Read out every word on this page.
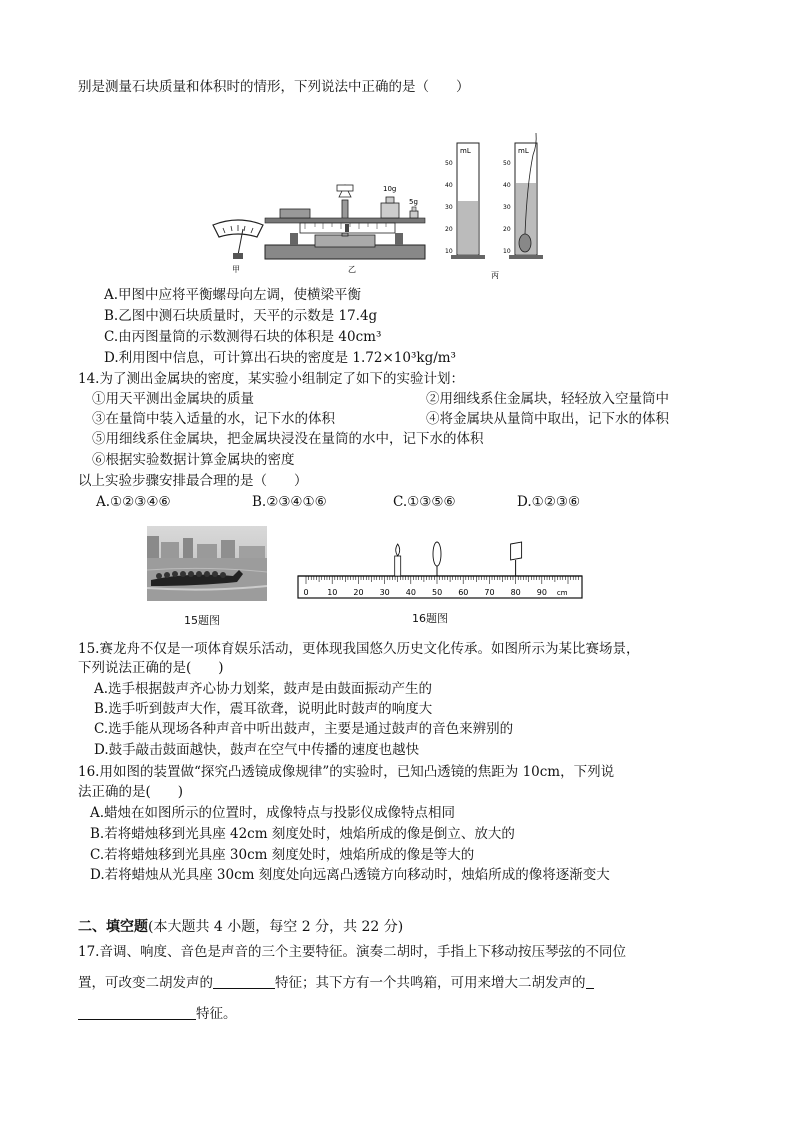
别是测量石块质量和体积时的情形，下列说法中正确的是（　　）
甲
10g
5g
乙
mL	mL
50
40
30
20
10
50
40
30
20
10
丙
A.甲图中应将平衡螺母向左调，使横梁平衡
B.乙图中测石块质量时，天平的示数是 17.4g
C.由丙图量筒的示数测得石块的体积是 40cm³
D.利用图中信息，可计算出石块的密度是 1.72×10³kg/m³
14.为了测出金属块的密度，某实验小组制定了如下的实验计划：
①用天平测出金属块的质量	②用细线系住金属块，轻轻放入空量筒中
③在量筒中装入适量的水，记下水的体积	④将金属块从量筒中取出，记下水的体积
⑤用细线系住金属块，把金属块浸没在量筒的水中，记下水的体积
⑥根据实验数据计算金属块的密度
以上实验步骤安排最合理的是（　　）
A.①②③④⑥	B.②③④①⑥	C.①③⑤⑥	D.①②③⑥
15题图
0 10 20 30 40 50 60 70 80 90 cm
16题图
15.赛龙舟不仅是一项体育娱乐活动，更体现我国悠久历史文化传承。如图所示为某比赛场景，
下列说法正确的是(　　)
A.选手根据鼓声齐心协力划桨，鼓声是由鼓面振动产生的
B.选手听到鼓声大作，震耳欲聋，说明此时鼓声的响度大
C.选手能从现场各种声音中听出鼓声，主要是通过鼓声的音色来辨别的
D.鼓手敲击鼓面越快，鼓声在空气中传播的速度也越快
16.用如图的装置做“探究凸透镜成像规律”的实验时，已知凸透镜的焦距为 10cm，下列说
法正确的是(　　)
A.蜡烛在如图所示的位置时，成像特点与投影仪成像特点相同
B.若将蜡烛移到光具座 42cm 刻度处时，烛焰所成的像是倒立、放大的
C.若将蜡烛移到光具座 30cm 刻度处时，烛焰所成的像是等大的
D.若将蜡烛从光具座 30cm 刻度处向远离凸透镜方向移动时，烛焰所成的像将逐渐变大
二、填空题(本大题共 4 小题，每空 2 分，共 22 分)
17.音调、响度、音色是声音的三个主要特征。演奏二胡时，手指上下移动按压琴弦的不同位
置，可改变二胡发声的	特征；其下方有一个共鸣箱，可用来增大二胡发声的
特征。
